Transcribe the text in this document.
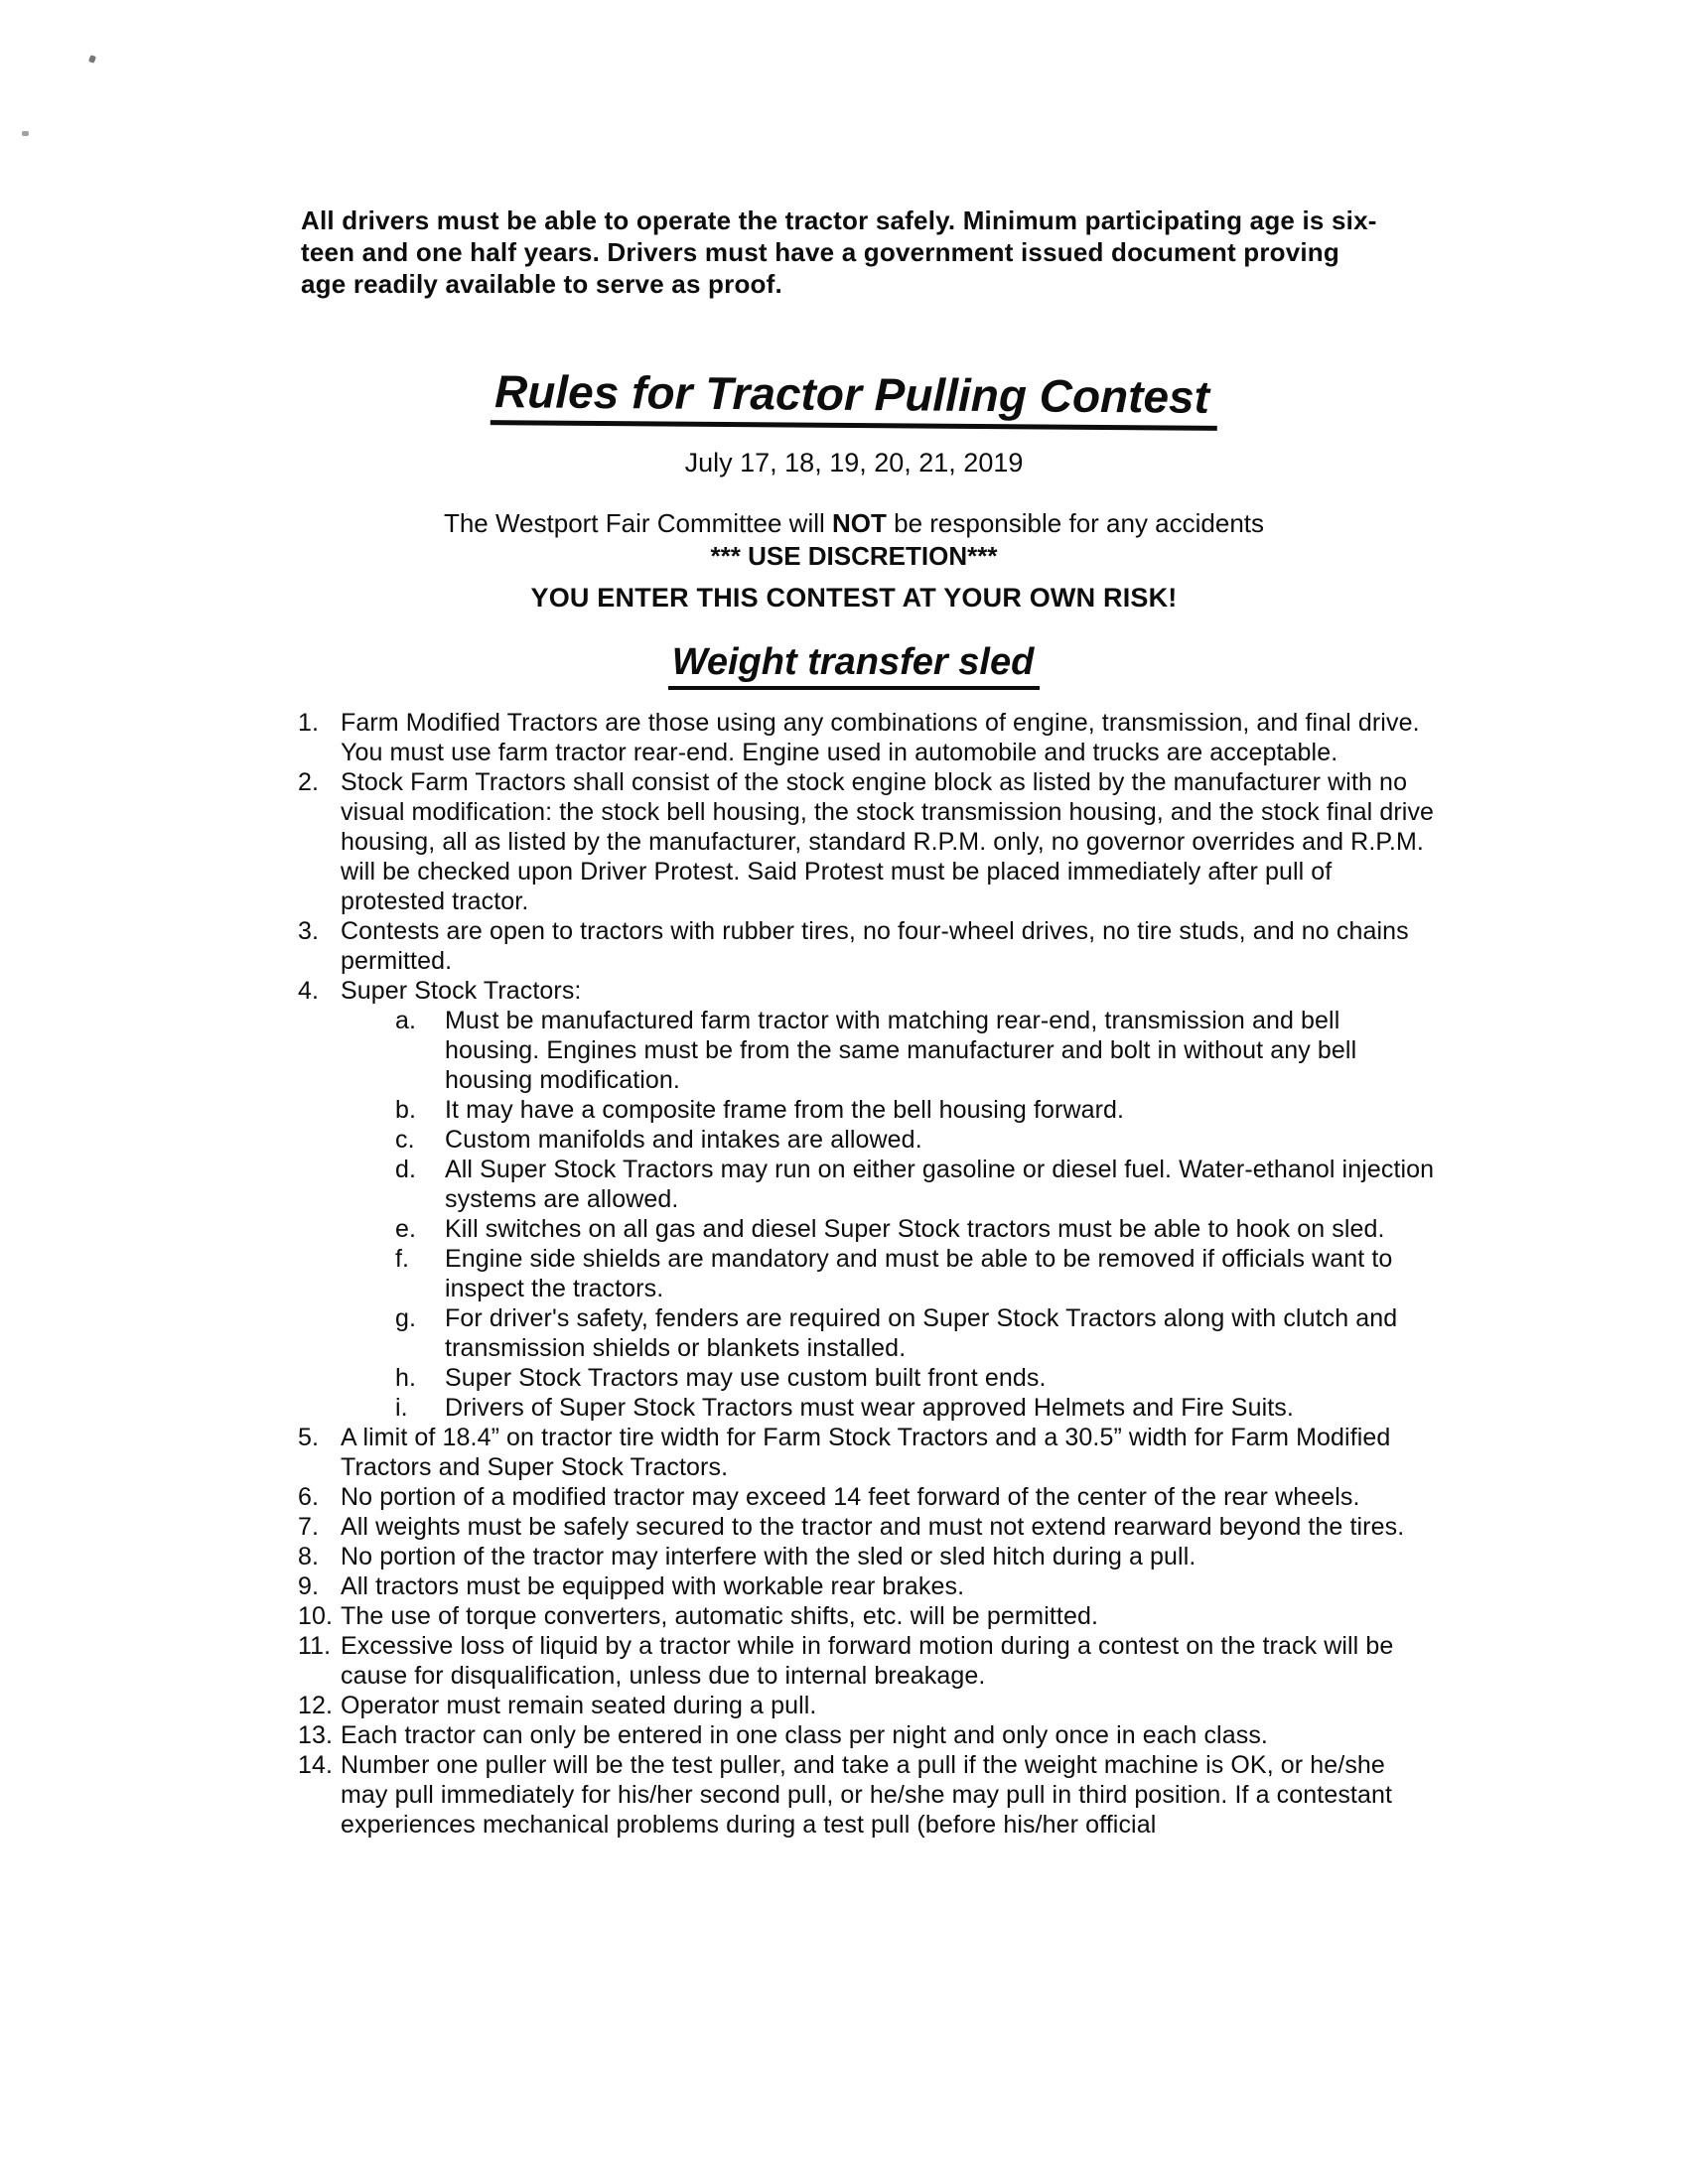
All drivers must be able to operate the tractor safely. Minimum participating age is six-
teen and one half years. Drivers must have a government issued document proving
age readily available to serve as proof.
Rules for Tractor Pulling Contest
July 17, 18, 19, 20, 21, 2019
The Westport Fair Committee will NOT be responsible for any accidents
*** USE DISCRETION***
YOU ENTER THIS CONTEST AT YOUR OWN RISK!
Weight transfer sled
1. Farm Modified Tractors are those using any combinations of engine, transmission, and final drive. You must use farm tractor rear-end. Engine used in automobile and trucks are acceptable.
2. Stock Farm Tractors shall consist of the stock engine block as listed by the manufacturer with no visual modification: the stock bell housing, the stock transmission housing, and the stock final drive housing, all as listed by the manufacturer, standard R.P.M. only, no governor overrides and R.P.M. will be checked upon Driver Protest. Said Protest must be placed immediately after pull of protested tractor.
3. Contests are open to tractors with rubber tires, no four-wheel drives, no tire studs, and no chains permitted.
4. Super Stock Tractors:
a. Must be manufactured farm tractor with matching rear-end, transmission and bell housing. Engines must be from the same manufacturer and bolt in without any bell housing modification.
b. It may have a composite frame from the bell housing forward.
c. Custom manifolds and intakes are allowed.
d. All Super Stock Tractors may run on either gasoline or diesel fuel. Water-ethanol injection systems are allowed.
e. Kill switches on all gas and diesel Super Stock tractors must be able to hook on sled.
f. Engine side shields are mandatory and must be able to be removed if officials want to inspect the tractors.
g. For driver's safety, fenders are required on Super Stock Tractors along with clutch and transmission shields or blankets installed.
h. Super Stock Tractors may use custom built front ends.
i. Drivers of Super Stock Tractors must wear approved Helmets and Fire Suits.
5. A limit of 18.4” on tractor tire width for Farm Stock Tractors and a 30.5” width for Farm Modified Tractors and Super Stock Tractors.
6. No portion of a modified tractor may exceed 14 feet forward of the center of the rear wheels.
7. All weights must be safely secured to the tractor and must not extend rearward beyond the tires.
8. No portion of the tractor may interfere with the sled or sled hitch during a pull.
9. All tractors must be equipped with workable rear brakes.
10. The use of torque converters, automatic shifts, etc. will be permitted.
11. Excessive loss of liquid by a tractor while in forward motion during a contest on the track will be cause for disqualification, unless due to internal breakage.
12. Operator must remain seated during a pull.
13. Each tractor can only be entered in one class per night and only once in each class.
14. Number one puller will be the test puller, and take a pull if the weight machine is OK, or he/she may pull immediately for his/her second pull, or he/she may pull in third position. If a contestant experiences mechanical problems during a test pull (before his/her official
